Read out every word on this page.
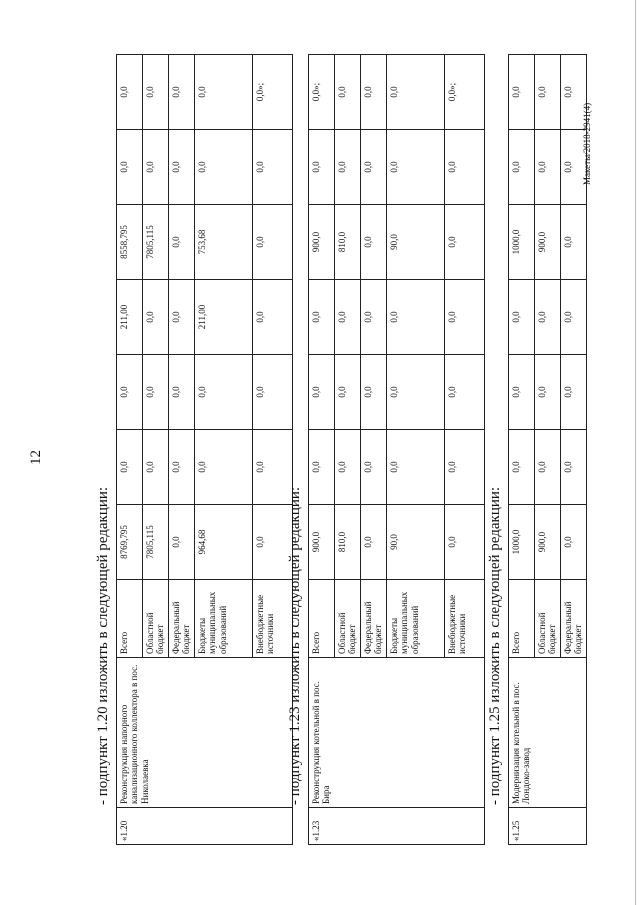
12
- подпункт 1.20 изложить в следующей редакции:
«1.20	Реконструкция напорного канализационного коллектора в пос. Николаевка	Всего	8769,795	0,0	0,0	211,00	8558,795	0,0	0,0
		Областной бюджет	7805,115	0,0	0,0	0,0	7805,115	0,0	0,0
		Федеральный бюджет	0,0	0,0	0,0	0,0	0,0	0,0	0,0
		Бюджеты муниципальных образований	964,68	0,0	0,0	211,00	753,68	0,0	0,0
		Внебюджетные источники	0,0	0,0	0,0	0,0	0,0	0,0	0,0»;
- подпункт 1.23 изложить в следующей редакции:
«1.23	Реконструкция котельной в пос. Бира	Всего	900,0	0,0	0,0	0,0	900,0	0,0	0,0»;
		Областной бюджет	810,0	0,0	0,0	0,0	810,0	0,0	0,0
		Федеральный бюджет	0,0	0,0	0,0	0,0	0,0	0,0	0,0
		Бюджеты муниципальных образований	90,0	0,0	0,0	0,0	90,0	0,0	0,0
		Внебюджетные источники	0,0	0,0	0,0	0,0	0,0	0,0	0,0»;
- подпункт 1.25 изложить в следующей редакции:
«1.25	Модернизация котельной в пос. Лондоко-завод	Всего	1000,0	0,0	0,0	0,0	1000,0	0,0	0,0
		Областной бюджет	900,0	0,0	0,0	0,0	900,0	0,0	0,0
		Федеральный бюджет	0,0	0,0	0,0	0,0	0,0	0,0	0,0
Макеты/2018-2941(4)
